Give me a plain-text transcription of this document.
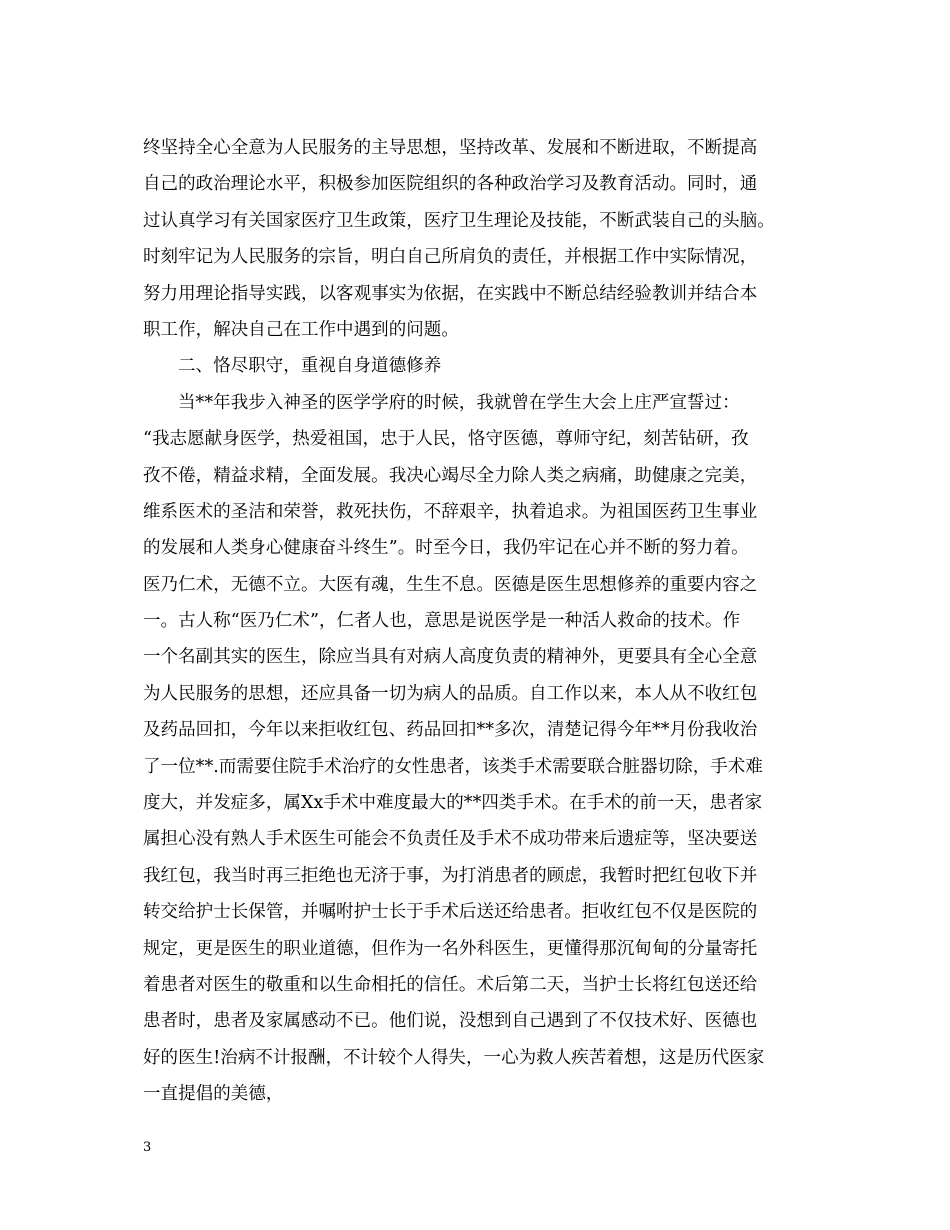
终坚持全心全意为人民服务的主导思想，坚持改革、发展和不断进取，不断提高
自己的政治理论水平，积极参加医院组织的各种政治学习及教育活动。同时，通
过认真学习有关国家医疗卫生政策，医疗卫生理论及技能，不断武装自己的头脑。
时刻牢记为人民服务的宗旨，明白自己所肩负的责任，并根据工作中实际情况，
努力用理论指导实践，以客观事实为依据，在实践中不断总结经验教训并结合本
职工作，解决自己在工作中遇到的问题。
二、恪尽职守，重视自身道德修养
当**年我步入神圣的医学学府的时候，我就曾在学生大会上庄严宣誓过：
“我志愿献身医学，热爱祖国，忠于人民，恪守医德，尊师守纪，刻苦钻研，孜
孜不倦，精益求精，全面发展。我决心竭尽全力除人类之病痛，助健康之完美，
维系医术的圣洁和荣誉，救死扶伤，不辞艰辛，执着追求。为祖国医药卫生事业
的发展和人类身心健康奋斗终生”。时至今日，我仍牢记在心并不断的努力着。
医乃仁术，无德不立。大医有魂，生生不息。医德是医生思想修养的重要内容之
一。古人称“医乃仁术”，仁者人也，意思是说医学是一种活人救命的技术。作
一个名副其实的医生，除应当具有对病人高度负责的精神外，更要具有全心全意
为人民服务的思想，还应具备一切为病人的品质。自工作以来，本人从不收红包
及药品回扣，今年以来拒收红包、药品回扣**多次，清楚记得今年**月份我收治
了一位**.而需要住院手术治疗的女性患者，该类手术需要联合脏器切除，手术难
度大，并发症多，属Xx手术中难度最大的**四类手术。在手术的前一天，患者家
属担心没有熟人手术医生可能会不负责任及手术不成功带来后遗症等，坚决要送
我红包，我当时再三拒绝也无济于事，为打消患者的顾虑，我暂时把红包收下并
转交给护士长保管，并嘱咐护士长于手术后送还给患者。拒收红包不仅是医院的
规定，更是医生的职业道德，但作为一名外科医生，更懂得那沉甸甸的分量寄托
着患者对医生的敬重和以生命相托的信任。术后第二天，当护士长将红包送还给
患者时，患者及家属感动不已。他们说，没想到自己遇到了不仅技术好、医德也
好的医生!治病不计报酬，不计较个人得失，一心为救人疾苦着想，这是历代医家
一直提倡的美德，
3
